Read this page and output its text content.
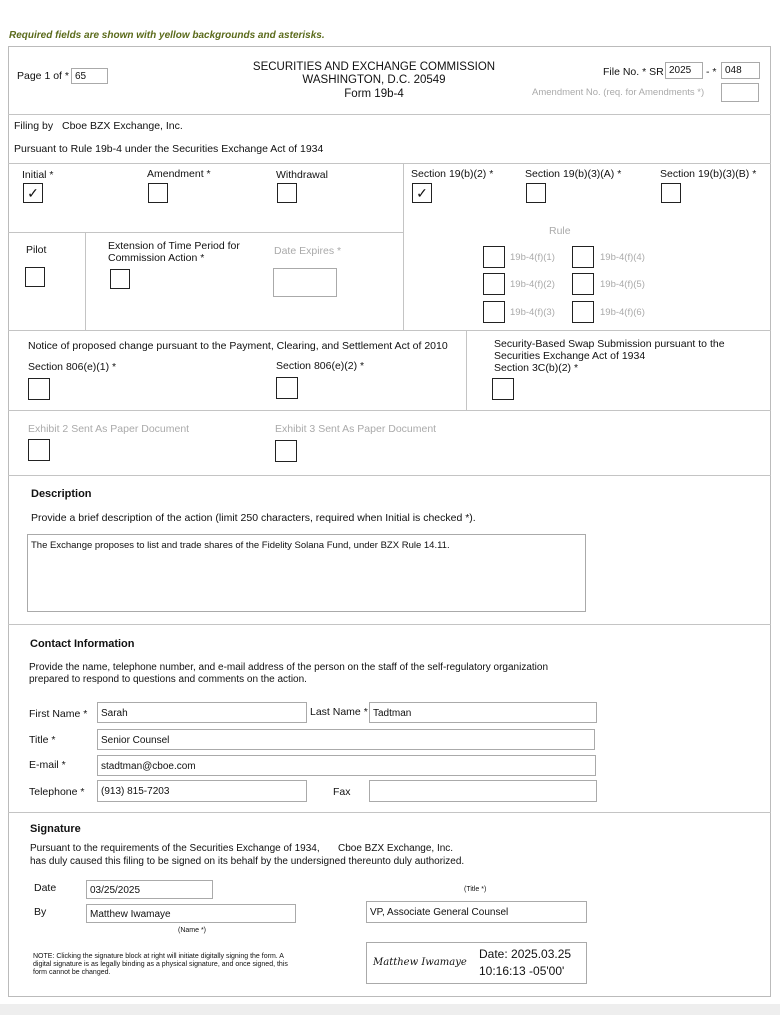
Required fields are shown with yellow backgrounds and asterisks.
Page 1 of * 65
SECURITIES AND EXCHANGE COMMISSION
WASHINGTON, D.C. 20549
Form 19b-4
File No. * SR 2025	- * 048
Amendment No. (req. for Amendments *)
Filing by Cboe BZX Exchange, Inc.
Pursuant to Rule 19b-4 under the Securities Exchange Act of 1934
Initial *
✓
Amendment *	Withdrawal	Section 19(b)(2) *
✓
Section 19(b)(3)(A) *	Section 19(b)(3)(B) *
Pilot	Extension of Time Period for Commission Action *
Date Expires *
Rule
19b-4(f)(1)	19b-4(f)(4)
19b-4(f)(2)	19b-4(f)(5)
19b-4(f)(3)	19b-4(f)(6)
Notice of proposed change pursuant to the Payment, Clearing, and Settlement Act of 2010
Section 806(e)(1) *	Section 806(e)(2) *
Security-Based Swap Submission pursuant to the Securities Exchange Act of 1934
Section 3C(b)(2) *
Exhibit 2 Sent As Paper Document	Exhibit 3 Sent As Paper Document
Description
Provide a brief description of the action (limit 250 characters, required when Initial is checked *).
The Exchange proposes to list and trade shares of the Fidelity Solana Fund, under BZX Rule 14.11.
Contact Information
Provide the name, telephone number, and e-mail address of the person on the staff of the self-regulatory organization prepared to respond to questions and comments on the action.
First Name *	Sarah	Last Name * Tadtman
Title *	Senior Counsel
E-mail *	stadtman@cboe.com
Telephone *	(913) 815-7203	Fax
Signature
Pursuant to the requirements of the Securities Exchange of 1934, Cboe BZX Exchange, Inc.
has duly caused this filing to be signed on its behalf by the undersigned thereunto duly authorized.
Date	03/25/2025	(Title *)
By	Matthew Iwamaye
(Name *)
VP, Associate General Counsel
NOTE: Clicking the signature block at right will initiate digitally signing the form. A digital signature is as legally binding as a physical signature, and once signed, this form cannot be changed.
Matthew Iwamaye
Date: 2025.03.25
10:16:13 -05'00'
